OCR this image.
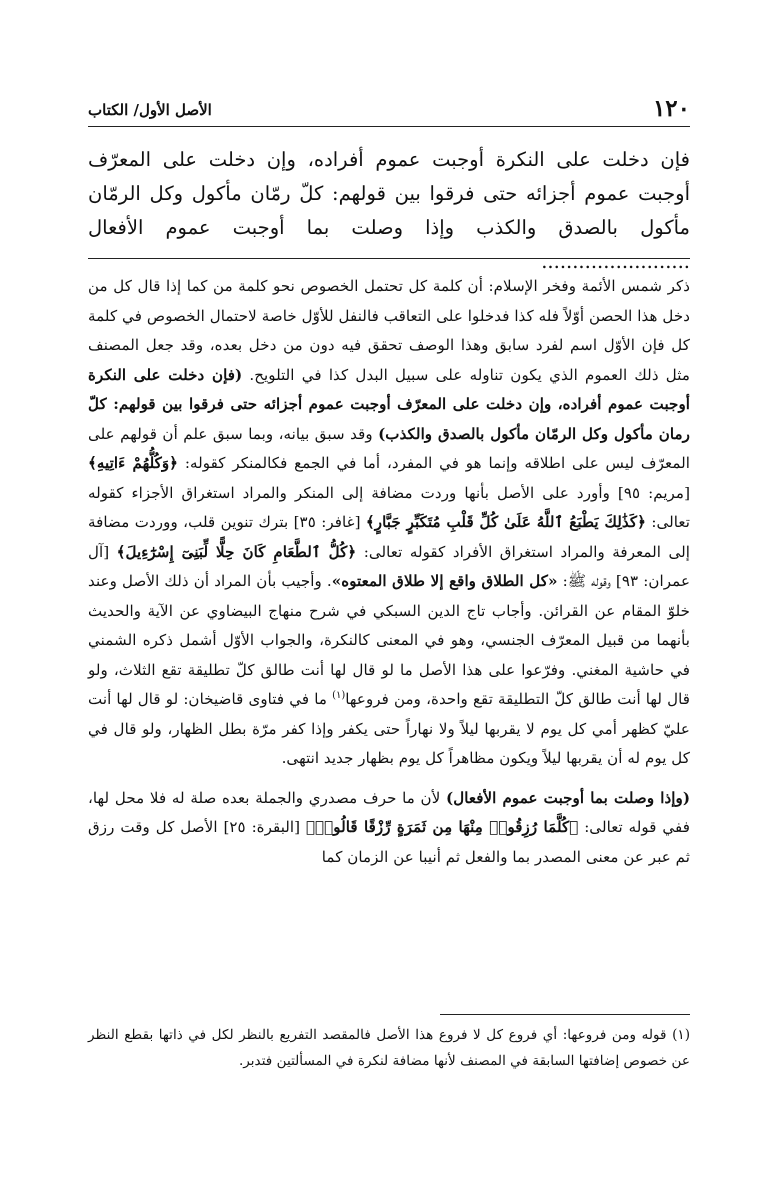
١٢٠
الأصل الأول/ الكتاب
فإن دخلت على النكرة أوجبت عموم أفراده، وإن دخلت على المعرّف أوجبت عموم أجزائه حتى فرقوا بين قولهم: كلّ رمّان مأكول وكل الرمّان مأكول بالصدق والكذب وإذا وصلت بما أوجبت عموم الأفعال ........................

ذكر شمس الأئمة وفخر الإسلام: أن كلمة كل تحتمل الخصوص نحو كلمة من كما إذا قال كل من دخل هذا الحصن أوّلاً فله كذا فدخلوا على التعاقب فالنفل للأوّل خاصة لاحتمال الخصوص في كلمة كل فإن الأوّل اسم لفرد سابق وهذا الوصف تحقق فيه دون من دخل بعده، وقد جعل المصنف مثل ذلك العموم الذي يكون تناوله على سبيل البدل كذا في التلويح. (فإن دخلت على النكرة أوجبت عموم أفراده، وإن دخلت على المعرّف أوجبت عموم أجزائه حتى فرقوا بين قولهم: كلّ رمان مأكول وكل الرمّان مأكول بالصدق والكذب) وقد سبق بيانه، وبما سبق علم أن قولهم على المعرّف ليس على اطلاقه وإنما هو في المفرد، أما في الجمع فكالمنكر كقوله: ﴿وَكُلُّهُمْ ءَاتِيهِ﴾ [مريم: ٩٥] وأورد على الأصل بأنها وردت مضافة إلى المنكر والمراد استغراق الأجزاء كقوله تعالى: ﴿كَذَٰلِكَ يَطْبَعُ ٱللَّهُ عَلَىٰ كُلِّ قَلْبِ مُتَكَبِّرٍ جَبَّارٍ﴾ [غافر: ٣٥] بترك تنوين قلب، ووردت مضافة إلى المعرفة والمراد استغراق الأفراد كقوله تعالى: ﴿كُلُّ ٱلطَّعَامِ كَانَ حِلًّا لِّبَنِىٓ إِسْرَٰٓءِيلَ﴾ [آل عمران: ٩٣] وقوله ﷺ: «كل الطلاق واقع إلا طلاق المعتوه». وأجيب بأن المراد أن ذلك الأصل وعند خلوّ المقام عن القرائن. وأجاب تاج الدين السبكي في شرح منهاج البيضاوي عن الآية والحديث بأنهما من قبيل المعرّف الجنسي، وهو في المعنى كالنكرة، والجواب الأوّل أشمل ذكره الشمني في حاشية المغني. وفرّعوا على هذا الأصل ما لو قال لها أنت طالق كلّ تطليقة تقع الثلاث، ولو قال لها أنت طالق كلّ التطليقة تقع واحدة، ومن فروعها$^{(١)}$ ما في فتاوى قاضيخان: لو قال لها أنت عليّ كظهر أمي كل يوم لا يقربها ليلاً ولا نهاراً حتى يكفر وإذا كفر مرّة بطل الظهار، ولو قال في كل يوم له أن يقربها ليلاً ويكون مظاهراً كل يوم بظهار جديد انتهى.

(وإذا وصلت بما أوجبت عموم الأفعال) لأن ما حرف مصدري والجملة بعده صلة له فلا محل لها، ففي قوله تعالى: ﴿كُلَّمَا رُزِقُوا۟ مِنْهَا مِن ثَمَرَةٍ رِّزْقًا قَالُوا۟﴾ [البقرة: ٢٥] الأصل كل وقت رزق ثم عبر عن معنى المصدر بما والفعل ثم أنيبا عن الزمان كما

(١) قوله ومن فروعها: أي فروع كل لا فروع هذا الأصل فالمقصد التفريع بالنظر لكل في ذاتها بقطع النظر عن خصوص إضافتها السابقة في المصنف لأنها مضافة لنكرة في المسألتين فتدبر.
